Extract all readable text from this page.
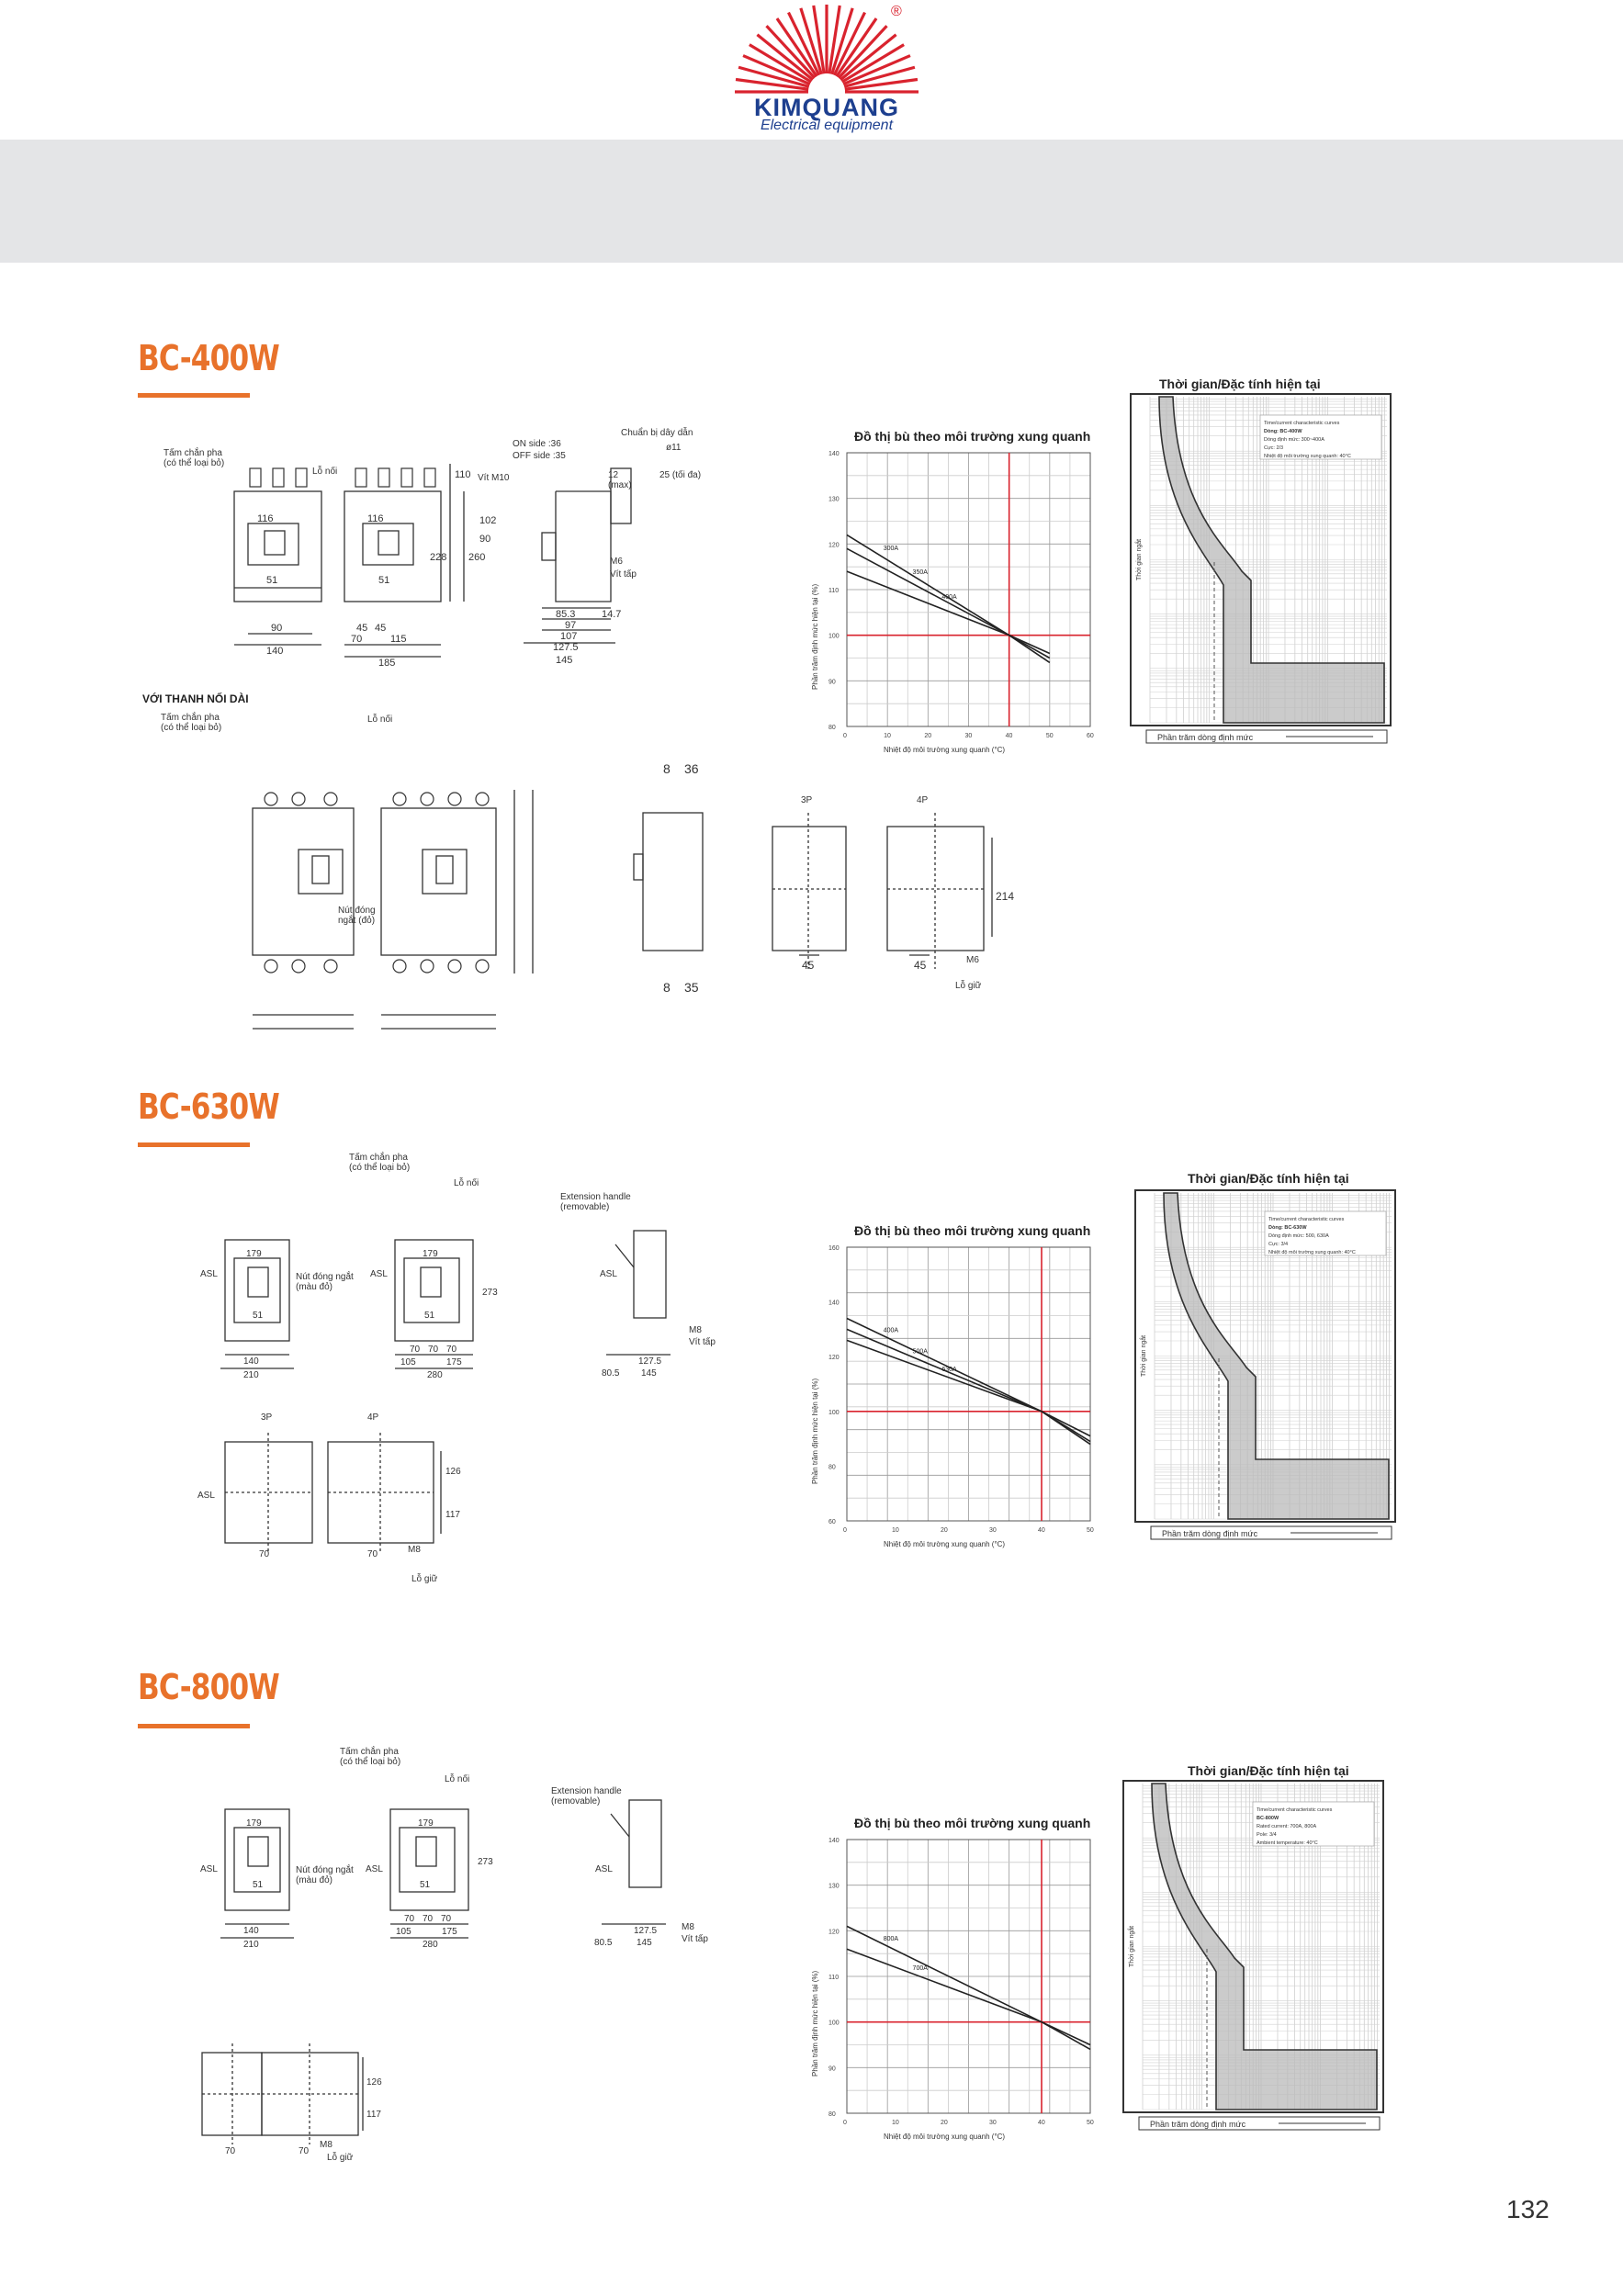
®
KIMQUANG
Electrical equipment
BC-400W
116	116
51	51
90
140
45 45
70	115
185
110
228 260
102
90
85.3
97
107
127.5
145
14.7
8 36
8 35
Tấm chắn pha (có thể loại bỏ)
Lỗ nối
Chuẩn bị dây dẫn
ON side :36
OFF side :35
Vít M10
ø11
25 (tối đa)
12 (max)
M6
Vít tấp
VỚI THANH NỐI DÀI
Tấm chắn pha (có thể loại bỏ)
Lỗ nối
Nút đóng ngắt (đỏ)
3P	4P
M6
Lỗ giữ
45	45
214
Đồ thị bù theo môi trường xung quanh
0	10	20	30	40	50	60
80
90
100
110
120
130
140
300A
350A
400A
Nhiệt độ môi trường xung quanh (°C)
Phần trăm định mức hiện tại (%)
Thời gian/Đặc tính hiện tại
Time/current characteristic curves
Dòng: BC-400W
Dòng định mức: 300~400A
Cực: 2/3
Nhiệt độ môi trường xung quanh: 40°C
Thời gian ngắt
Phần trăm dòng định mức
BC-630W
179	179
51	51
140
210
70 70 70
105	175
280
273
127.5
145
80.5
70	70
126
117
Tấm chắn pha (có thể loại bỏ)
Lỗ nối
Extension handle (removable)
Nút đóng ngắt (màu đỏ)
ASL	ASL	ASL
ASL
M8
Vít tấp
3P	4P
M8
Lỗ giữ
Đồ thị bù theo môi trường xung quanh
0	10	20	30	40	50
60
80
100
120
140
160
400A
500A
630A
Nhiệt độ môi trường xung quanh (°C)
Phần trăm định mức hiện tại (%)
Thời gian/Đặc tính hiện tại
Time/current characteristic curves
Dòng: BC-630W
Dòng định mức: 500, 630A
Cực: 3/4
Nhiệt độ môi trường xung quanh: 40°C
Thời gian ngắt
Phần trăm dòng định mức
BC-800W
179	179
51	51
140
210
70 70 70
105	175
280
273
127.5
145
80.5
70	70
126
117
Tấm chắn pha (có thể loại bỏ)
Lỗ nối
Extension handle (removable)
Nút đóng ngắt (màu đỏ)
ASL	ASL	ASL
M8
Vít tấp
M8
Lỗ giữ
Đồ thị bù theo môi trường xung quanh
0	10	20	30	40	50
80
90
100
110
120
130
140
800A
700A
Nhiệt độ môi trường xung quanh (°C)
Phần trăm định mức hiện tại (%)
Thời gian/Đặc tính hiện tại
Time/current characteristic curves
BC-800W
Rated current: 700A, 800A
Pole: 3/4
Ambient temperature: 40°C
Thời gian ngắt
Phần trăm dòng định mức
132
